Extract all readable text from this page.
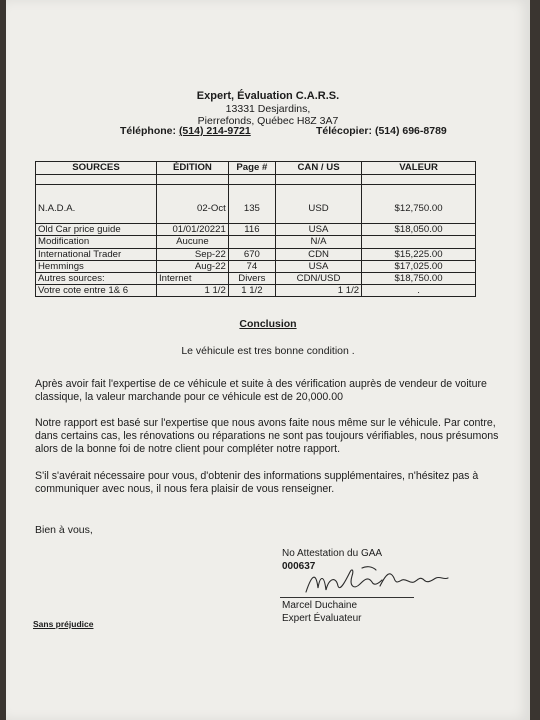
Expert, Évaluation C.A.R.S.
13331 Desjardins,
Pierrefonds, Québec H8Z 3A7
Téléphone: (514) 214-9721	Télécopier: (514) 696-8789
SOURCES	ÉDITION	Page #	CAN / US	VALEUR

N.A.D.A.	02-Oct	135	USD	$12,750.00

Old Car price guide	01/01/20221	116	USA	$18,050.00
Modification	Aucune		N/A	
International Trader	Sep-22	670	CDN	$15,225.00
Hemmings	Aug-22	74	USA	$17,025.00
Autres sources:	Internet	Divers	CDN/USD	$18,750.00
Votre cote entre 1& 6	1 1/2	1 1/2	1 1/2	.
Conclusion
Le véhicule est tres bonne condition .
Après avoir fait l'expertise de ce véhicule et suite à des vérification auprès de vendeur de voiture classique, la valeur marchande pour ce véhicule est de 20,000.00
Notre rapport est basé sur l'expertise que nous avons faite nous même sur le véhicule. Par contre, dans certains cas, les rénovations ou réparations ne sont pas toujours vérifiables, nous présumons alors de la bonne foi de notre client pour compléter notre rapport.
S'il s'avérait nécessaire pour vous, d'obtenir des informations supplémentaires, n'hésitez pas à communiquer avec nous, il nous fera plaisir de vous renseigner.
Bien à vous,
No Attestation du GAA
000637
Marcel Duchaine
Expert Évaluateur
Sans préjudice
